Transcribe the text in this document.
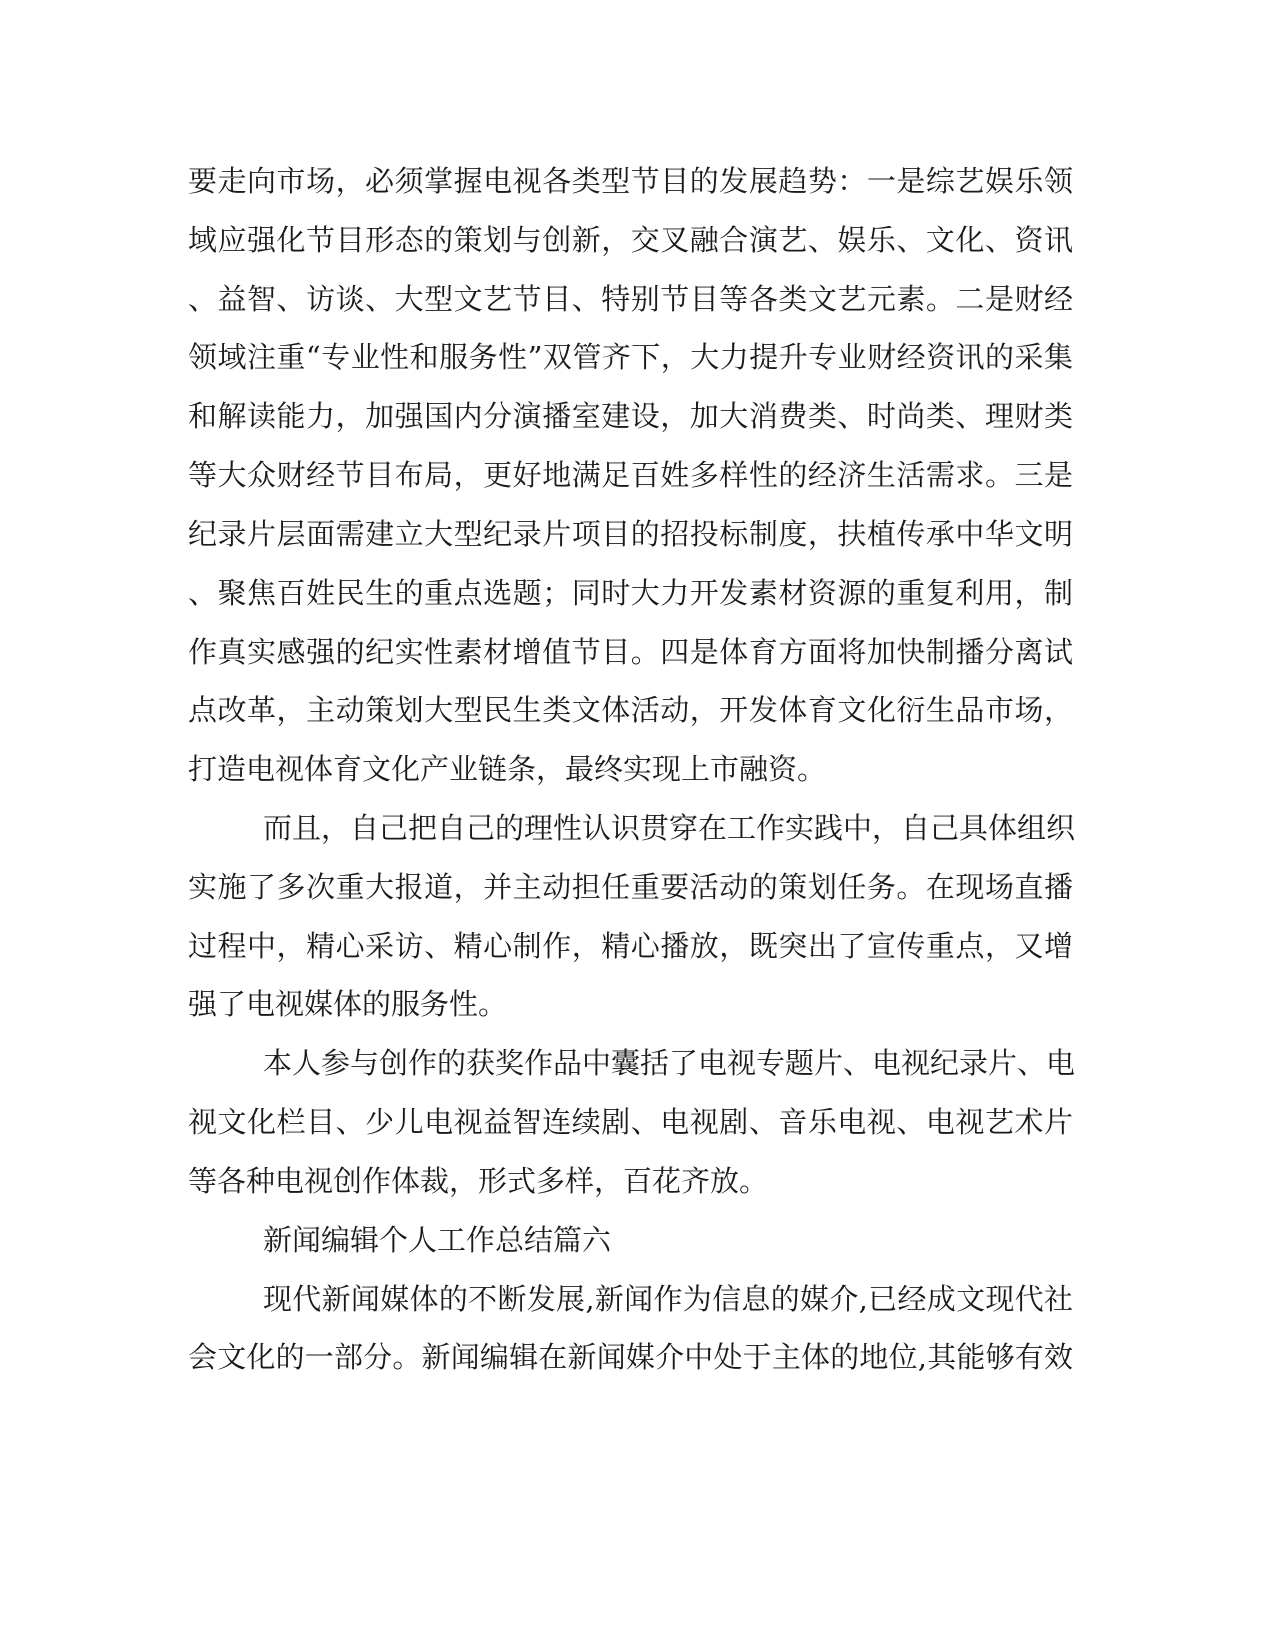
要走向市场，必须掌握电视各类型节目的发展趋势：一是综艺娱乐领
域应强化节目形态的策划与创新，交叉融合演艺、娱乐、文化、资讯
、益智、访谈、大型文艺节目、特别节目等各类文艺元素。二是财经
领域注重“专业性和服务性”双管齐下，大力提升专业财经资讯的采集
和解读能力，加强国内分演播室建设，加大消费类、时尚类、理财类
等大众财经节目布局，更好地满足百姓多样性的经济生活需求。三是
纪录片层面需建立大型纪录片项目的招投标制度，扶植传承中华文明
、聚焦百姓民生的重点选题；同时大力开发素材资源的重复利用，制
作真实感强的纪实性素材增值节目。四是体育方面将加快制播分离试
点改革，主动策划大型民生类文体活动，开发体育文化衍生品市场，
打造电视体育文化产业链条，最终实现上市融资。
而且，自己把自己的理性认识贯穿在工作实践中，自己具体组织
实施了多次重大报道，并主动担任重要活动的策划任务。在现场直播
过程中，精心采访、精心制作，精心播放，既突出了宣传重点，又增
强了电视媒体的服务性。
本人参与创作的获奖作品中囊括了电视专题片、电视纪录片、电
视文化栏目、少儿电视益智连续剧、电视剧、音乐电视、电视艺术片
等各种电视创作体裁，形式多样，百花齐放。
新闻编辑个人工作总结篇六
现代新闻媒体的不断发展,新闻作为信息的媒介,已经成文现代社
会文化的一部分。新闻编辑在新闻媒介中处于主体的地位,其能够有效
